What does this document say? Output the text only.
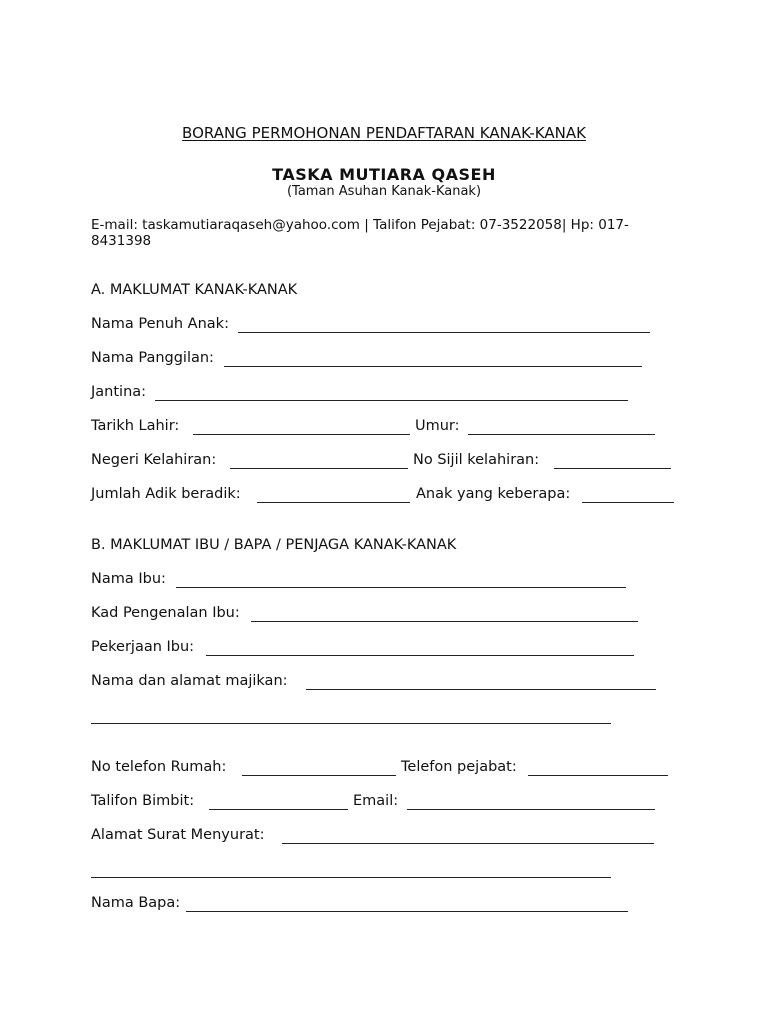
BORANG PERMOHONAN PENDAFTARAN KANAK-KANAK
TASKA MUTIARA QASEH
(Taman Asuhan Kanak-Kanak)
E-mail: taskamutiaraqaseh@yahoo.com | Talifon Pejabat: 07-3522058| Hp: 017-8431398
A. MAKLUMAT KANAK-KANAK
Nama Penuh Anak:
Nama Panggilan:
Jantina:
Tarikh Lahir:	Umur:
Negeri Kelahiran:	No Sijil kelahiran:
Jumlah Adik beradik:	Anak yang keberapa:
B. MAKLUMAT IBU / BAPA / PENJAGA KANAK-KANAK
Nama Ibu:
Kad Pengenalan Ibu:
Pekerjaan Ibu:
Nama dan alamat majikan:
No telefon Rumah:	Telefon pejabat:
Talifon Bimbit:	Email:
Alamat Surat Menyurat:
Nama Bapa:
